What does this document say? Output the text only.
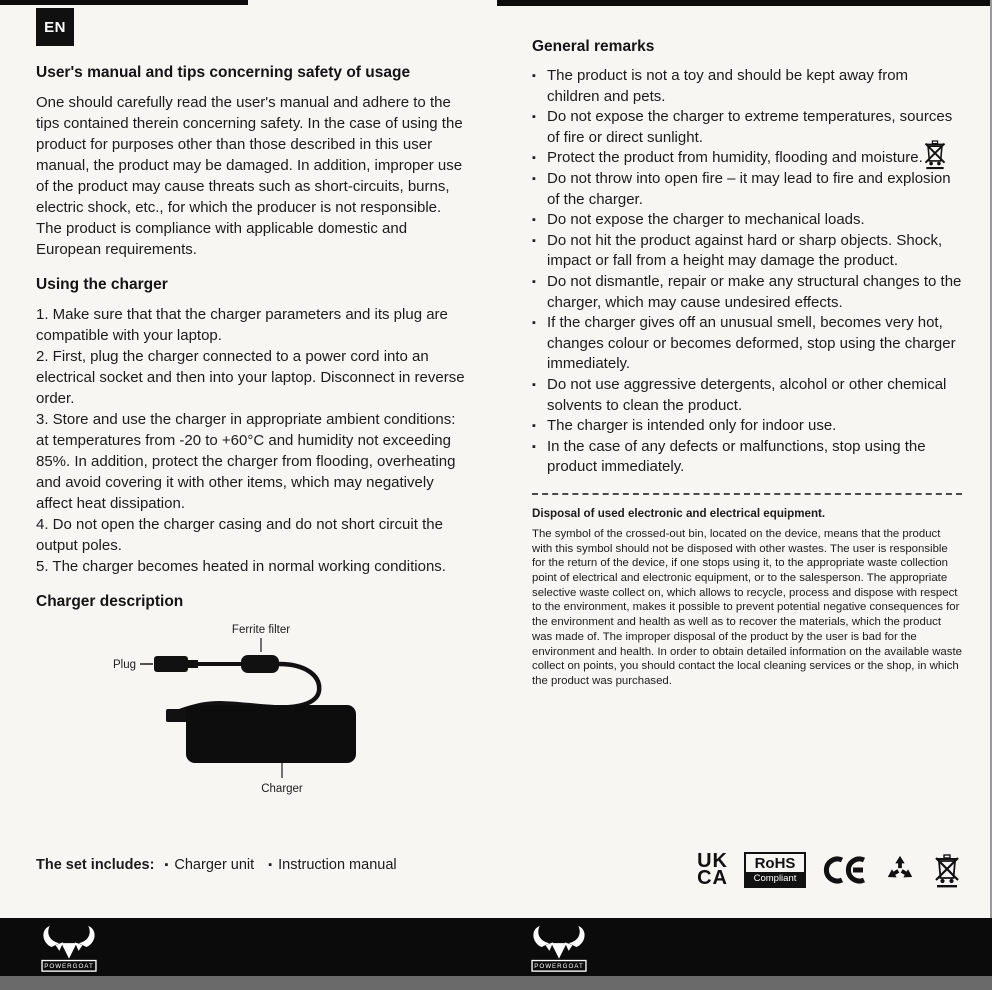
EN
User's manual and tips concerning safety of usage

One should carefully read the user's manual and adhere to the tips contained therein concerning safety. In the case of using the product for purposes other than those described in this user manual, the product may be damaged. In addition, improper use of the product may cause threats such as short-circuits, burns, electric shock, etc., for which the producer is not responsible. The product is compliance with applicable domestic and European requirements.

Using the charger
1. Make sure that that the charger parameters and its plug are compatible with your laptop.
2. First, plug the charger connected to a power cord into an electrical socket and then into your laptop. Disconnect in reverse order.
3. Store and use the charger in appropriate ambient conditions: at temperatures from -20 to +60°C and humidity not exceeding 85%. In addition, protect the charger from flooding, overheating and avoid covering it with other items, which may negatively affect heat dissipation.
4. Do not open the charger casing and do not short circuit the output poles.
5. The charger becomes heated in normal working conditions.
Charger description
Ferrite filter
Plug
Charger
The set includes: ▪ Charger unit ▪ Instruction manual
General remarks
▪ The product is not a toy and should be kept away from children and pets.
▪ Do not expose the charger to extreme temperatures, sources of fire or direct sunlight.
▪ Protect the product from humidity, flooding and moisture.
▪ Do not throw into open fire – it may lead to fire and explosion of the charger.
▪ Do not expose the charger to mechanical loads.
▪ Do not hit the product against hard or sharp objects. Shock, impact or fall from a height may damage the product.
▪ Do not dismantle, repair or make any structural changes to the charger, which may cause undesired effects.
▪ If the charger gives off an unusual smell, becomes very hot, changes colour or becomes deformed, stop using the charger immediately.
▪ Do not use aggressive detergents, alcohol or other chemical solvents to clean the product.
▪ The charger is intended only for indoor use.
▪ In the case of any defects or malfunctions, stop using the product immediately.

Disposal of used electronic and electrical equipment.

The symbol of the crossed-out bin, located on the device, means that the product with this symbol should not be disposed with other wastes. The user is responsible for the return of the device, if one stops using it, to the appropriate waste collection point of electrical and electronic equipment, or to the salesperson. The appropriate selective waste collect on, which allows to recycle, process and dispose with respect to the environment, makes it possible to prevent potential negative consequences for the environment and health as well as to recover the materials, which the product was made of. The improper disposal of the product by the user is bad for the environment and health. In order to obtain detailed information on the available waste collect on points, you should contact the local cleaning services or the shop, in which the product was purchased.

UK
CA
RoHS
Compliant
POWERGOAT	POWERGOAT
